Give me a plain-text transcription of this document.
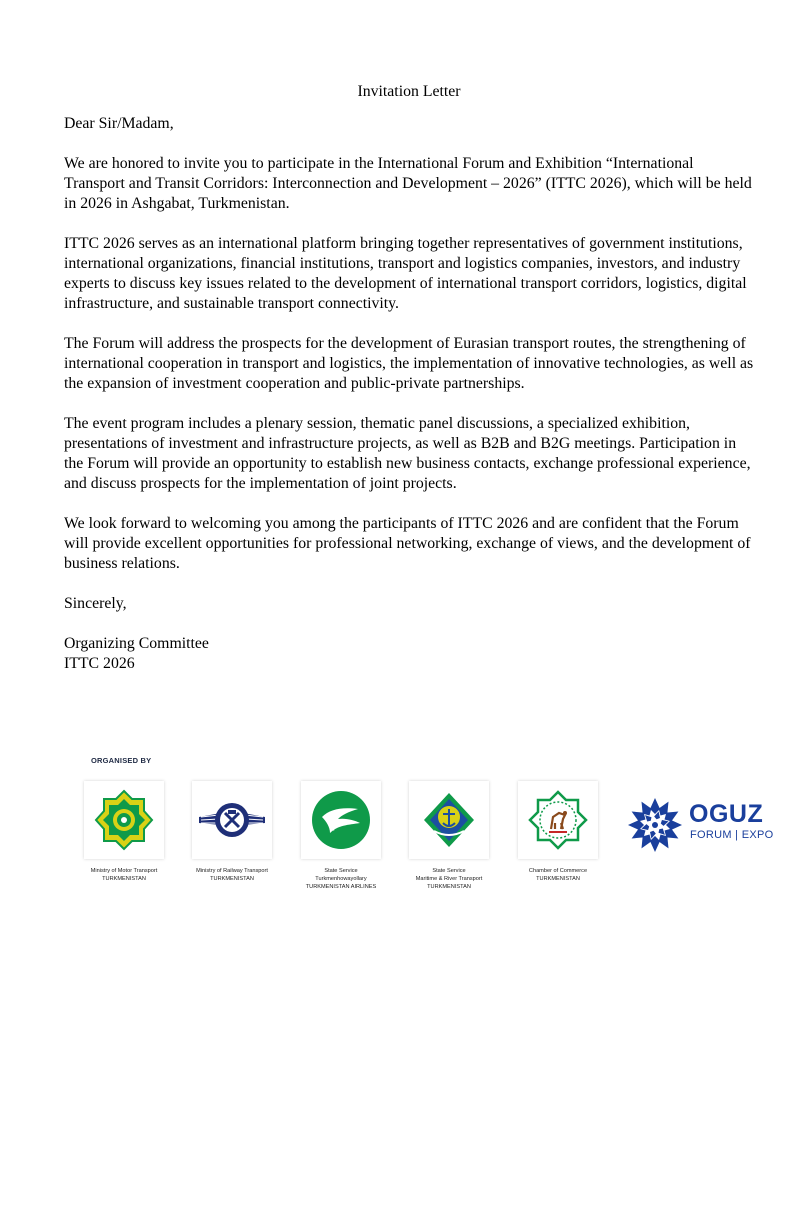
Invitation Letter

Dear Sir/Madam,

We are honored to invite you to participate in the International Forum and Exhibition “International Transport and Transit Corridors: Interconnection and Development – 2026” (ITTC 2026), which will be held in 2026 in Ashgabat, Turkmenistan.

ITTC 2026 serves as an international platform bringing together representatives of government institutions, international organizations, financial institutions, transport and logistics companies, investors, and industry experts to discuss key issues related to the development of international transport corridors, logistics, digital infrastructure, and sustainable transport connectivity.

The Forum will address the prospects for the development of Eurasian transport routes, the strengthening of international cooperation in transport and logistics, the implementation of innovative technologies, as well as the expansion of investment cooperation and public-private partnerships.

The event program includes a plenary session, thematic panel discussions, a specialized exhibition, presentations of investment and infrastructure projects, as well as B2B and B2G meetings. Participation in the Forum will provide an opportunity to establish new business contacts, exchange professional experience, and discuss prospects for the implementation of joint projects.

We look forward to welcoming you among the participants of ITTC 2026 and are confident that the Forum will provide excellent opportunities for professional networking, exchange of views, and the development of business relations.

Sincerely,

Organizing Committee
ITTC 2026

ORGANISED BY
Ministry of Motor Transport
TURKMENISTAN
Ministry of Railway Transport
TURKMENISTAN
State Service
Turkmenhowayollary
TURKMENISTAN AIRLINES
State Service
Maritime & River Transport
TURKMENISTAN
Chamber of Commerce
TURKMENISTAN
OGUZ
FORUM | EXPO
